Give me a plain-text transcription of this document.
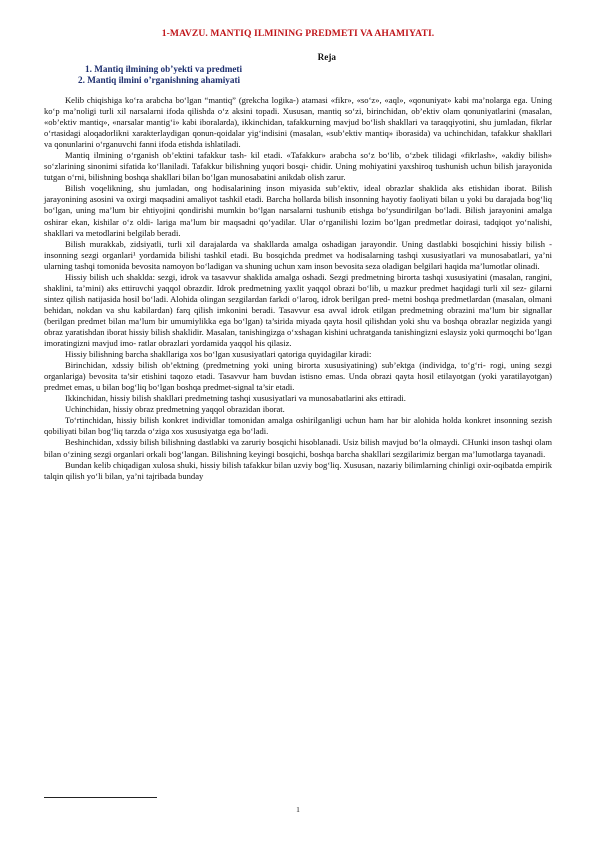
1-MAVZU. MANTIQ ILMINING PREDMETI VA AHAMIYATI.
Reja
1. Mantiq ilmining ob’yekti va predmeti
2. Mantiq ilmini o’rganishning ahamiyati

Kelib chiqishiga ko‘ra arabcha bo‘lgan “mantiq” (grekcha logika-) atamasi «fikr», «so‘z», «aql», «qonuniyat» kabi ma’nolarga ega. Uning ko‘p ma’noligi turli xil narsalarni ifoda qilishda o‘z aksini topadi. Xususan, mantiq so‘zi, birinchidan, ob’ektiv olam qonuniyatlarini (masalan, «ob’ektiv mantiq», «narsalar mantig‘i» kabi iboralarda), ikkinchidan, tafakkurning mavjud bo‘lish shakllari va taraqqiyotini, shu jumladan, fikrlar o‘rtasidagi aloqadorlikni xarakterlaydigan qonun-qoidalar yig‘indisini (masalan, «sub’ektiv mantiq» iborasida) va uchinchidan, tafakkur shakllari va qonunlarini o‘rganuvchi fanni ifoda etishda ishlatiladi.

Mantiq ilmining o‘rganish ob’ektini tafakkur tash- kil etadi. «Tafakkur» arabcha so‘z bo‘lib, o‘zbek tilidagi «fikrlash», «akdiy bilish» so‘zlarining sinonimi sifatida ko‘llaniladi. Tafakkur bilishning yuqori bosqi- chidir. Uning mohiyatini yaxshiroq tushunish uchun bilish jarayonida tutgan o‘rni, bilishning boshqa shakllari bilan bo‘lgan munosabatini anikdab olish zarur.

Bilish voqelikning, shu jumladan, ong hodisalarining inson miyasida sub’ektiv, ideal obrazlar shaklida aks etishidan iborat. Bilish jarayonining asosini va oxirgi maqsadini amaliyot tashkil etadi. Barcha hollarda bilish insonning hayotiy faoliyati bilan u yoki bu darajada bog‘liq bo‘lgan, uning ma’lum bir ehtiyojini qondirishi mumkin bo‘lgan narsalarni tushunib etishga bo‘ysundirilgan bo‘ladi. Bilish jarayonini amalga oshirar ekan, kishilar o‘z oldi- lariga ma’lum bir maqsadni qo‘yadilar. Ular o‘rganilishi lozim bo‘lgan predmetlar doirasi, tadqiqot yo‘nalishi, shakllari va metodlarini belgilab beradi.

Bilish murakkab, zidsiyatli, turli xil darajalarda va shakllarda amalga oshadigan jarayondir. Uning dastlabki bosqichini hissiy bilish - insonning sezgi organlari¹ yordamida bilishi tashkil etadi. Bu bosqichda predmet va hodisalarning tashqi xususiyatlari va munosabatlari, ya’ni ularning tashqi tomonida bevosita namoyon bo‘ladigan va shuning uchun xam inson bevosita seza oladigan belgilari haqida ma’lumotlar olinadi.

Hissiy bilish uch shaklda: sezgi, idrok va tasavvur shaklida amalga oshadi. Sezgi predmetning birorta tashqi xususiyatini (masalan, rangini, shaklini, ta’mini) aks ettiruvchi yaqqol obrazdir. Idrok predmetning yaxlit yaqqol obrazi bo‘lib, u mazkur predmet haqidagi turli xil sez- gilarni sintez qilish natijasida hosil bo‘ladi. Alohida olingan sezgilardan farkdi o‘laroq, idrok berilgan pred- metni boshqa predmetlardan (masalan, olmani behidan, nokdan va shu kabilardan) farq qilish imkonini beradi. Tasavvur esa avval idrok etilgan predmetning obrazini ma’lum bir signallar (berilgan predmet bilan ma’lum bir umumiylikka ega bo‘lgan) ta’sirida miyada qayta hosil qilishdan yoki shu va boshqa obrazlar negizida yangi obraz yaratishdan iborat hissiy bilish shaklidir. Masalan, tanishingizga o‘xshagan kishini uchratganda tanishingizni eslaysiz yoki qurmoqchi bo‘lgan imoratingizni mavjud imo- ratlar obrazlari yordamida yaqqol his qilasiz.

Hissiy bilishning barcha shakllariga xos bo‘lgan xususiyatlari qatoriga quyidagilar kiradi:

Birinchidan, xdssiy bilish ob’ektning (predmetning yoki uning birorta xususiyatining) sub’ektga (individga, to‘g‘ri- rogi, uning sezgi organlariga) bevosita ta’sir etishini taqozo etadi. Tasavvur ham buvdan istisno emas. Unda obrazi qayta hosil etilayotgan (yoki yaratilayotgan) predmet emas, u bilan bog‘liq bo‘lgan boshqa predmet-signal ta’sir etadi.

Ikkinchidan, hissiy bilish shakllari predmetning tashqi xususiyatlari va munosabatlarini aks ettiradi.

Uchinchidan, hissiy obraz predmetning yaqqol obrazidan iborat.

To‘rtinchidan, hissiy bilish konkret individlar tomonidan amalga oshirilganligi uchun ham har bir alohida holda konkret insonning sezish qobiliyati bilan bog‘liq tarzda o‘ziga xos xususiyatga ega bo‘ladi.

Beshinchidan, xdssiy bilish bilishning dastlabki va zaruriy bosqichi hisoblanadi. Usiz bilish mavjud bo‘la olmaydi. CHunki inson tashqi olam bilan o‘zining sezgi organlari orkali bog‘langan. Bilishning keyingi bosqichi, boshqa barcha shakllari sezgilarimiz bergan ma’lumotlarga tayanadi.

Bundan kelib chiqadigan xulosa shuki, hissiy bilish tafakkur bilan uzviy bog‘liq. Xususan, nazariy bilimlarning chinligi oxir-oqibatda empirik talqin qilish yo‘li bilan, ya’ni tajribada bunday

1
